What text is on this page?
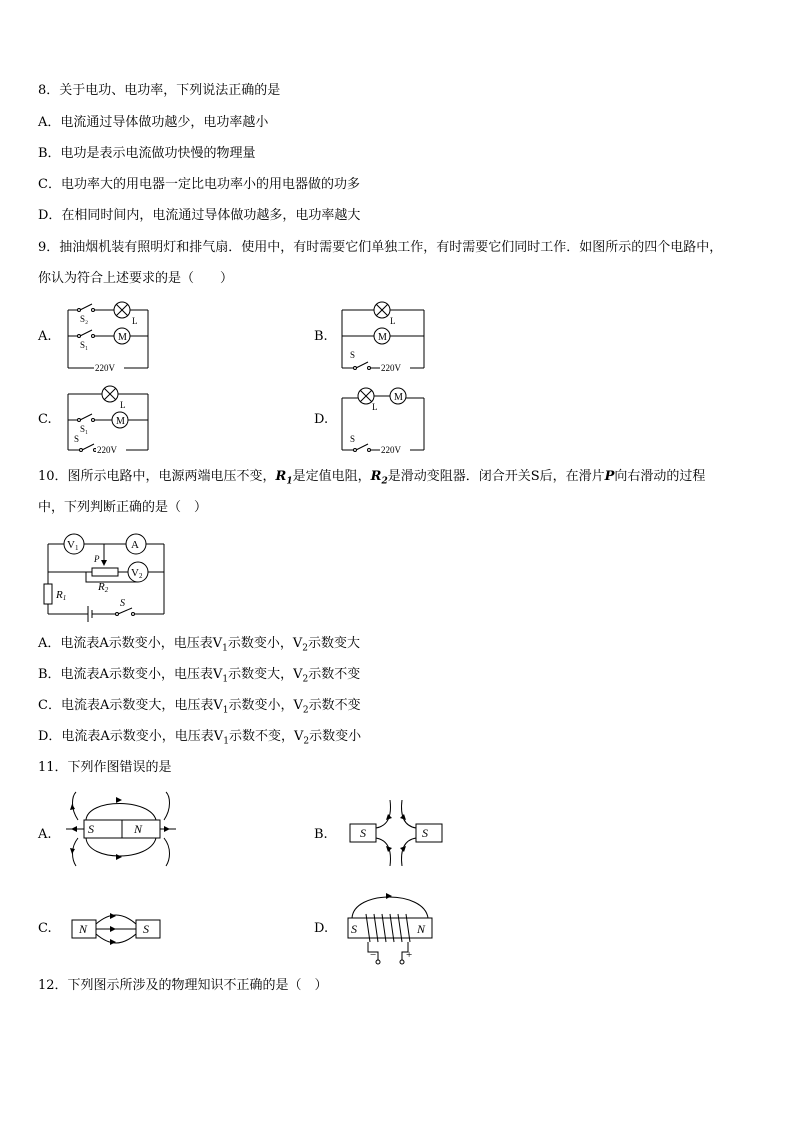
8．关于电功、电功率，下列说法正确的是
A．电流通过导体做功越少，电功率越小
B．电功是表示电流做功快慢的物理量
C．电功率大的用电器一定比电功率小的用电器做的功多
D．在相同时间内，电流通过导体做功越多，电功率越大
9．抽油烟机装有照明灯和排气扇．使用中，有时需要它们单独工作，有时需要它们同时工作．如图所示的四个电路中，
你认为符合上述要求的是（　　）
A.	B.
C.	D.
M
S₂
S₁
L
220V
L
M
S
220V
L
M
S₁
S
220V
M
L
S
220V
10．图所示电路中，电源两端电压不变，$R_1$是定值电阻，$R_2$是滑动变阻器．闭合开关S后，在滑片P向右滑动的过程
中，下列判断正确的是（　）
V1	A
P
V2
R2
R1	S
A．电流表A示数变小，电压表$V_1$示数变小，$V_2$示数变大
B．电流表A示数变小，电压表$V_1$示数变大，$V_2$示数不变
C．电流表A示数变大，电压表$V_1$示数变小，$V_2$示数不变
D．电流表A示数变小，电压表$V_1$示数不变，$V_2$示数变小
11．下列作图错误的是
A.	B.
C.	D.
S	N	S	S
N	S	S	N
−	+
12．下列图示所涉及的物理知识不正确的是（　）
